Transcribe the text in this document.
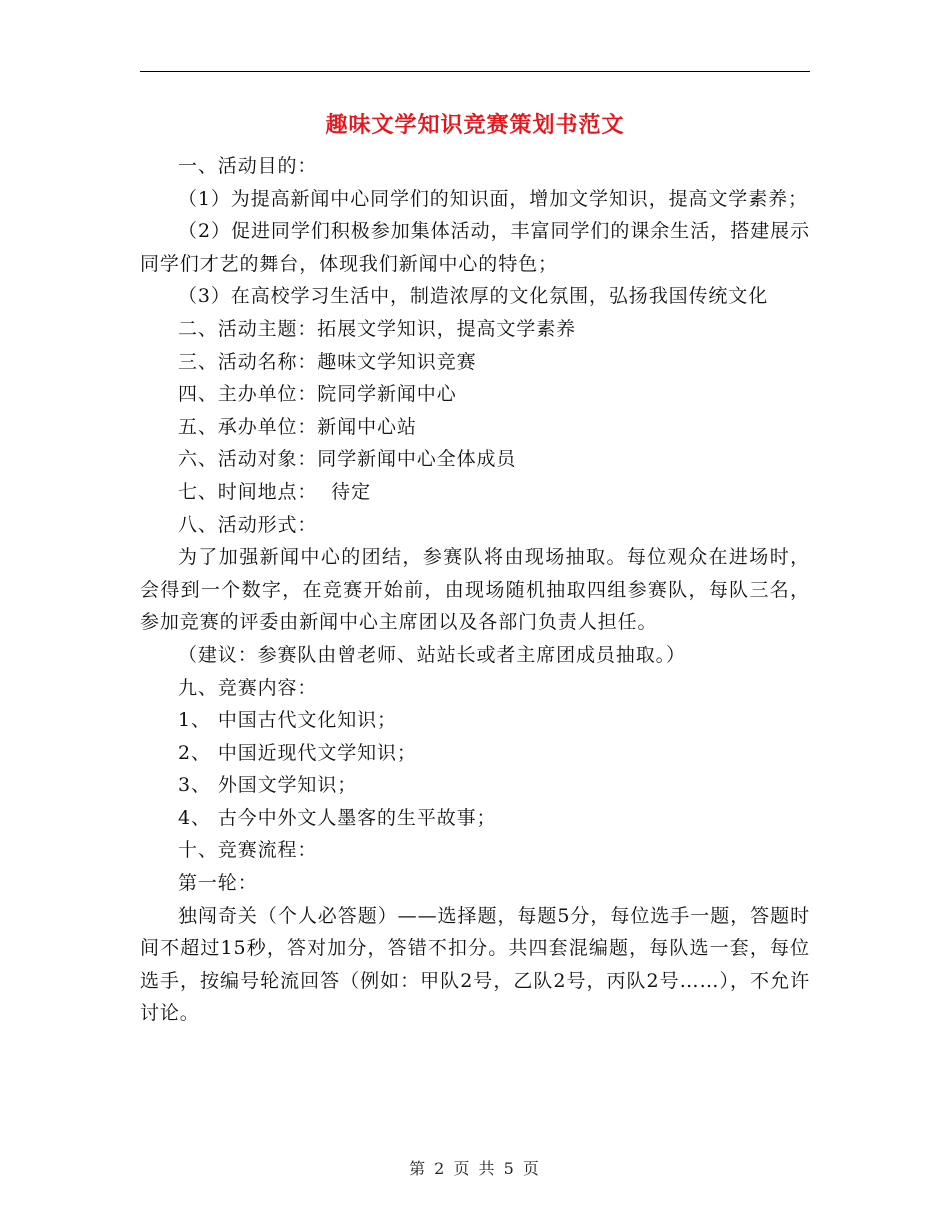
趣味文学知识竞赛策划书范文

一、活动目的：

（1）为提高新闻中心同学们的知识面，增加文学知识，提高文学素养；

（2）促进同学们积极参加集体活动，丰富同学们的课余生活，搭建展示同学们才艺的舞台，体现我们新闻中心的特色；

（3）在高校学习生活中，制造浓厚的文化氛围，弘扬我国传统文化

二、活动主题：拓展文学知识，提高文学素养

三、活动名称：趣味文学知识竞赛

四、主办单位：院同学新闻中心

五、承办单位：新闻中心站

六、活动对象：同学新闻中心全体成员

七、时间地点：  待定

八、活动形式：

为了加强新闻中心的团结，参赛队将由现场抽取。每位观众在进场时，会得到一个数字，在竞赛开始前，由现场随机抽取四组参赛队，每队三名，参加竞赛的评委由新闻中心主席团以及各部门负责人担任。

（建议：参赛队由曾老师、站站长或者主席团成员抽取。）

九、竞赛内容：

1、 中国古代文化知识；

2、 中国近现代文学知识；

3、 外国文学知识；

4、 古今中外文人墨客的生平故事；

十、竞赛流程：

第一轮：

独闯奇关（个人必答题）——选择题，每题5分，每位选手一题，答题时间不超过15秒，答对加分，答错不扣分。共四套混编题，每队选一套，每位选手，按编号轮流回答（例如：甲队2号，乙队2号，丙队2号……），不允许讨论。

第 2 页 共 5 页
